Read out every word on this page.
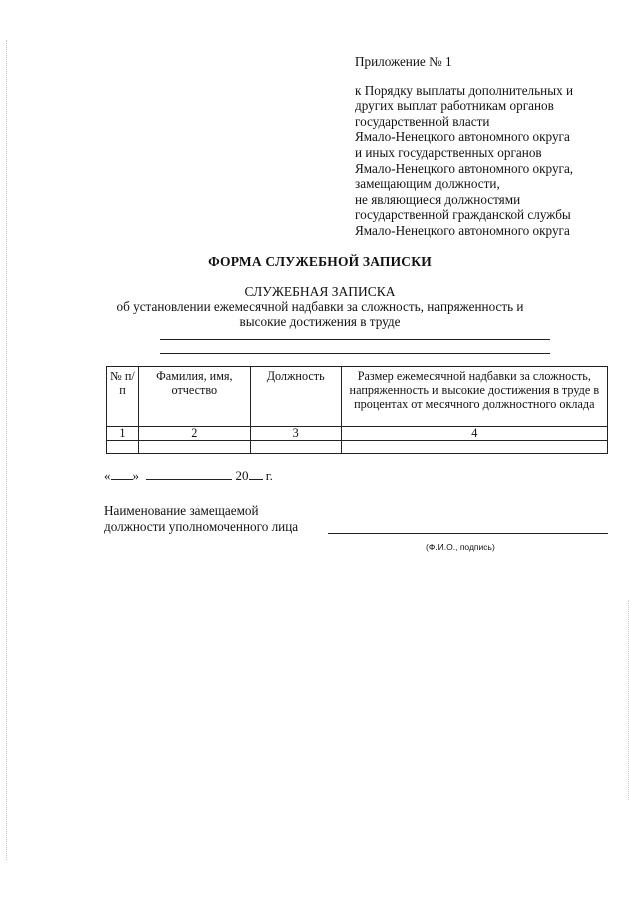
Приложение № 1
к Порядку выплаты дополнительных и
других выплат работникам органов
государственной власти
Ямало-Ненецкого автономного округа
и иных государственных органов
Ямало-Ненецкого автономного округа,
замещающим должности,
не являющиеся должностями
государственной гражданской службы
Ямало-Ненецкого автономного округа
ФОРМА СЛУЖЕБНОЙ ЗАПИСКИ
СЛУЖЕБНАЯ ЗАПИСКА
об установлении ежемесячной надбавки за сложность, напряженность и
высокие достижения в труде
№ п/п	Фамилия, имя, отчество	Должность	Размер ежемесячной надбавки за сложность, напряженность и высокие достижения в труде в процентах от месячного должностного оклада
1	2	3	4

« »	20 г.
Наименование замещаемой
должности уполномоченного лица
(Ф.И.О., подпись)
